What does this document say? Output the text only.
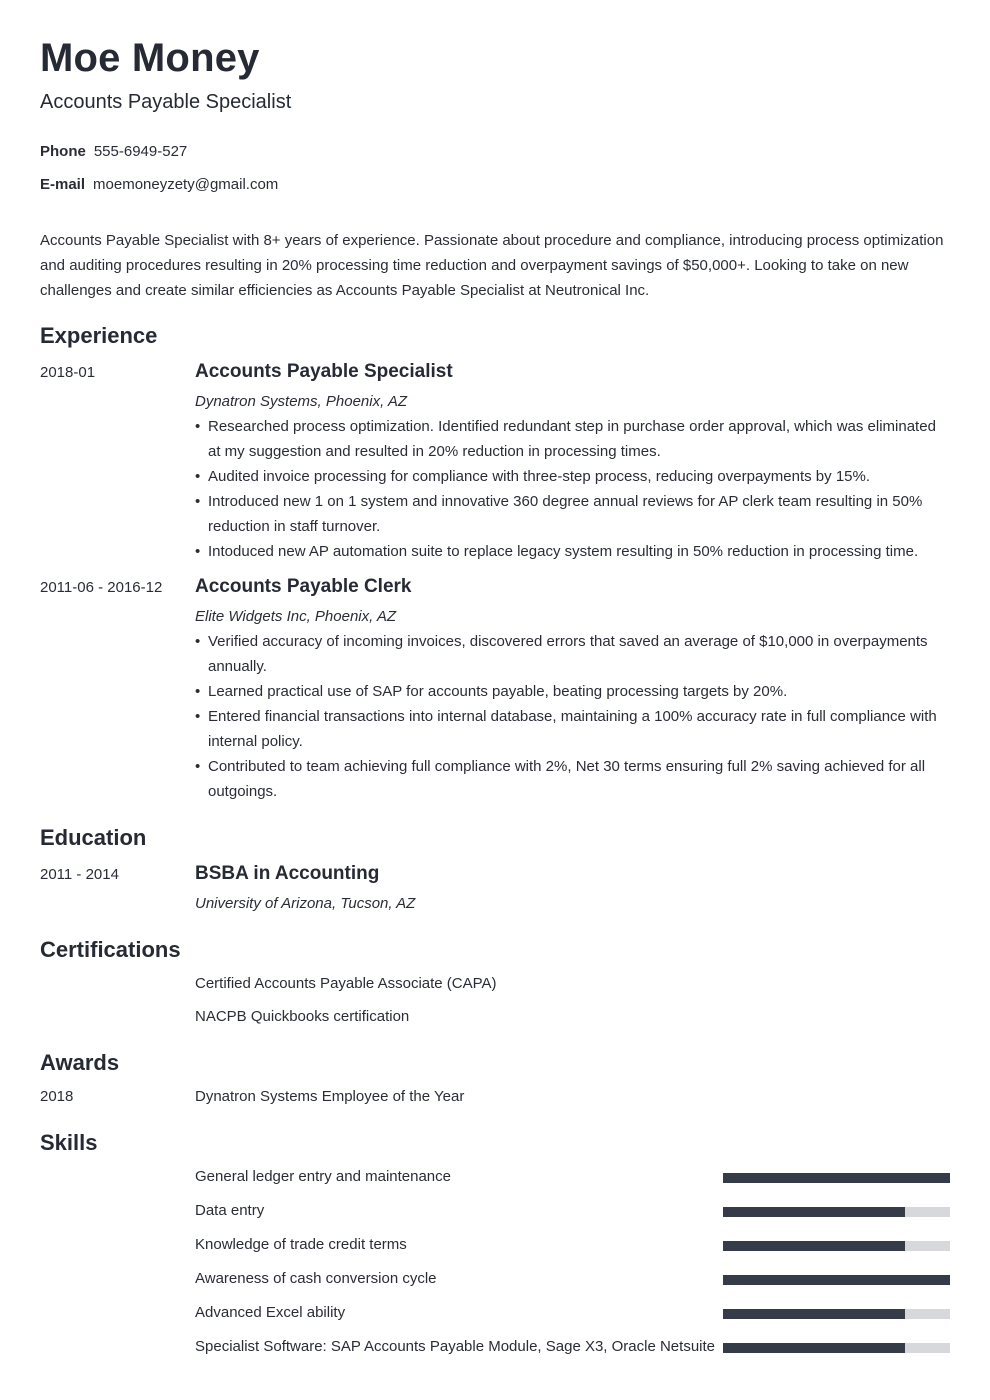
Moe Money
Accounts Payable Specialist
Phone 555-6949-527
E-mail moemoneyzety@gmail.com
Accounts Payable Specialist with 8+ years of experience. Passionate about procedure and compliance, introducing process optimization and auditing procedures resulting in 20% processing time reduction and overpayment savings of $50,000+. Looking to take on new challenges and create similar efficiencies as Accounts Payable Specialist at Neutronical Inc.
Experience
2018-01	Accounts Payable Specialist
Dynatron Systems, Phoenix, AZ
• Researched process optimization. Identified redundant step in purchase order approval, which was eliminated at my suggestion and resulted in 20% reduction in processing times.
• Audited invoice processing for compliance with three-step process, reducing overpayments by 15%.
• Introduced new 1 on 1 system and innovative 360 degree annual reviews for AP clerk team resulting in 50% reduction in staff turnover.
• Intoduced new AP automation suite to replace legacy system resulting in 50% reduction in processing time.
2011-06 - 2016-12 Accounts Payable Clerk
Elite Widgets Inc, Phoenix, AZ
• Verified accuracy of incoming invoices, discovered errors that saved an average of $10,000 in overpayments annually.
• Learned practical use of SAP for accounts payable, beating processing targets by 20%.
• Entered financial transactions into internal database, maintaining a 100% accuracy rate in full compliance with internal policy.
• Contributed to team achieving full compliance with 2%, Net 30 terms ensuring full 2% saving achieved for all outgoings.
Education
2011 - 2014	BSBA in Accounting
University of Arizona, Tucson, AZ
Certifications
Certified Accounts Payable Associate (CAPA)
NACPB Quickbooks certification
Awards
2018	Dynatron Systems Employee of the Year
Skills
General ledger entry and maintenance
Data entry
Knowledge of trade credit terms
Awareness of cash conversion cycle
Advanced Excel ability
Specialist Software: SAP Accounts Payable Module, Sage X3, Oracle Netsuite
